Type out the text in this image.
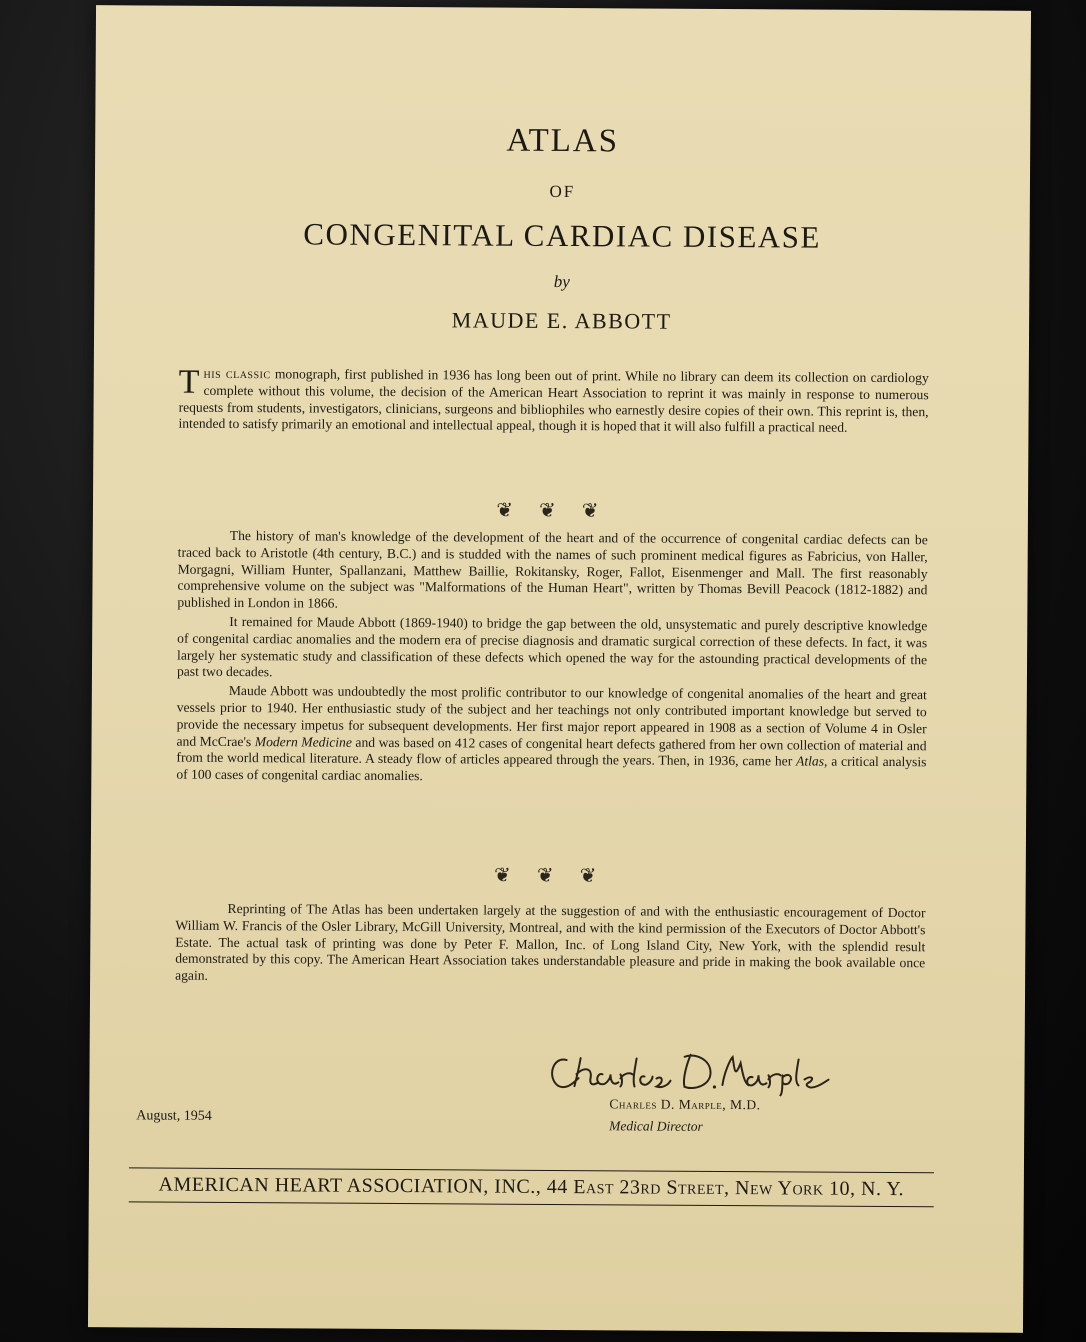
ATLAS
OF
CONGENITAL CARDIAC DISEASE
by
MAUDE E. ABBOTT
This classic monograph, first published in 1936 has long been out of print. While no library can deem its collection on cardiology complete without this volume, the decision of the American Heart Association to reprint it was mainly in response to numerous requests from students, investigators, clinicians, surgeons and bibliophiles who earnestly desire copies of their own. This reprint is, then, intended to satisfy primarily an emotional and intellectual appeal, though it is hoped that it will also fulfill a practical need.
❦❦❦

The history of man's knowledge of the development of the heart and of the occurrence of congenital cardiac defects can be traced back to Aristotle (4th century, B.C.) and is studded with the names of such prominent medical figures as Fabricius, von Haller, Morgagni, William Hunter, Spallanzani, Matthew Baillie, Rokitansky, Roger, Fallot, Eisenmenger and Mall. The first reasonably comprehensive volume on the subject was "Malformations of the Human Heart", written by Thomas Bevill Peacock (1812-1882) and published in London in 1866.

It remained for Maude Abbott (1869-1940) to bridge the gap between the old, unsystematic and purely descriptive knowledge of congenital cardiac anomalies and the modern era of precise diagnosis and dramatic surgical correction of these defects. In fact, it was largely her systematic study and classification of these defects which opened the way for the astounding practical developments of the past two decades.

Maude Abbott was undoubtedly the most prolific contributor to our knowledge of congenital anomalies of the heart and great vessels prior to 1940. Her enthusiastic study of the subject and her teachings not only contributed important knowledge but served to provide the necessary impetus for subsequent developments. Her first major report appeared in 1908 as a section of Volume 4 in Osler and McCrae's Modern Medicine and was based on 412 cases of congenital heart defects gathered from her own collection of material and from the world medical literature. A steady flow of articles appeared through the years. Then, in 1936, came her Atlas, a critical analysis of 100 cases of congenital cardiac anomalies.

❦❦❦

Reprinting of The Atlas has been undertaken largely at the suggestion of and with the enthusiastic encouragement of Doctor William W. Francis of the Osler Library, McGill University, Montreal, and with the kind permission of the Executors of Doctor Abbott's Estate. The actual task of printing was done by Peter F. Mallon, Inc. of Long Island City, New York, with the splendid result demonstrated by this copy. The American Heart Association takes understandable pleasure and pride in making the book available once again.

Charles D. Marple, M.D.
Medical Director
August, 1954
AMERICAN HEART ASSOCIATION, INC., 44 East 23rd Street, New York 10, N. Y.
